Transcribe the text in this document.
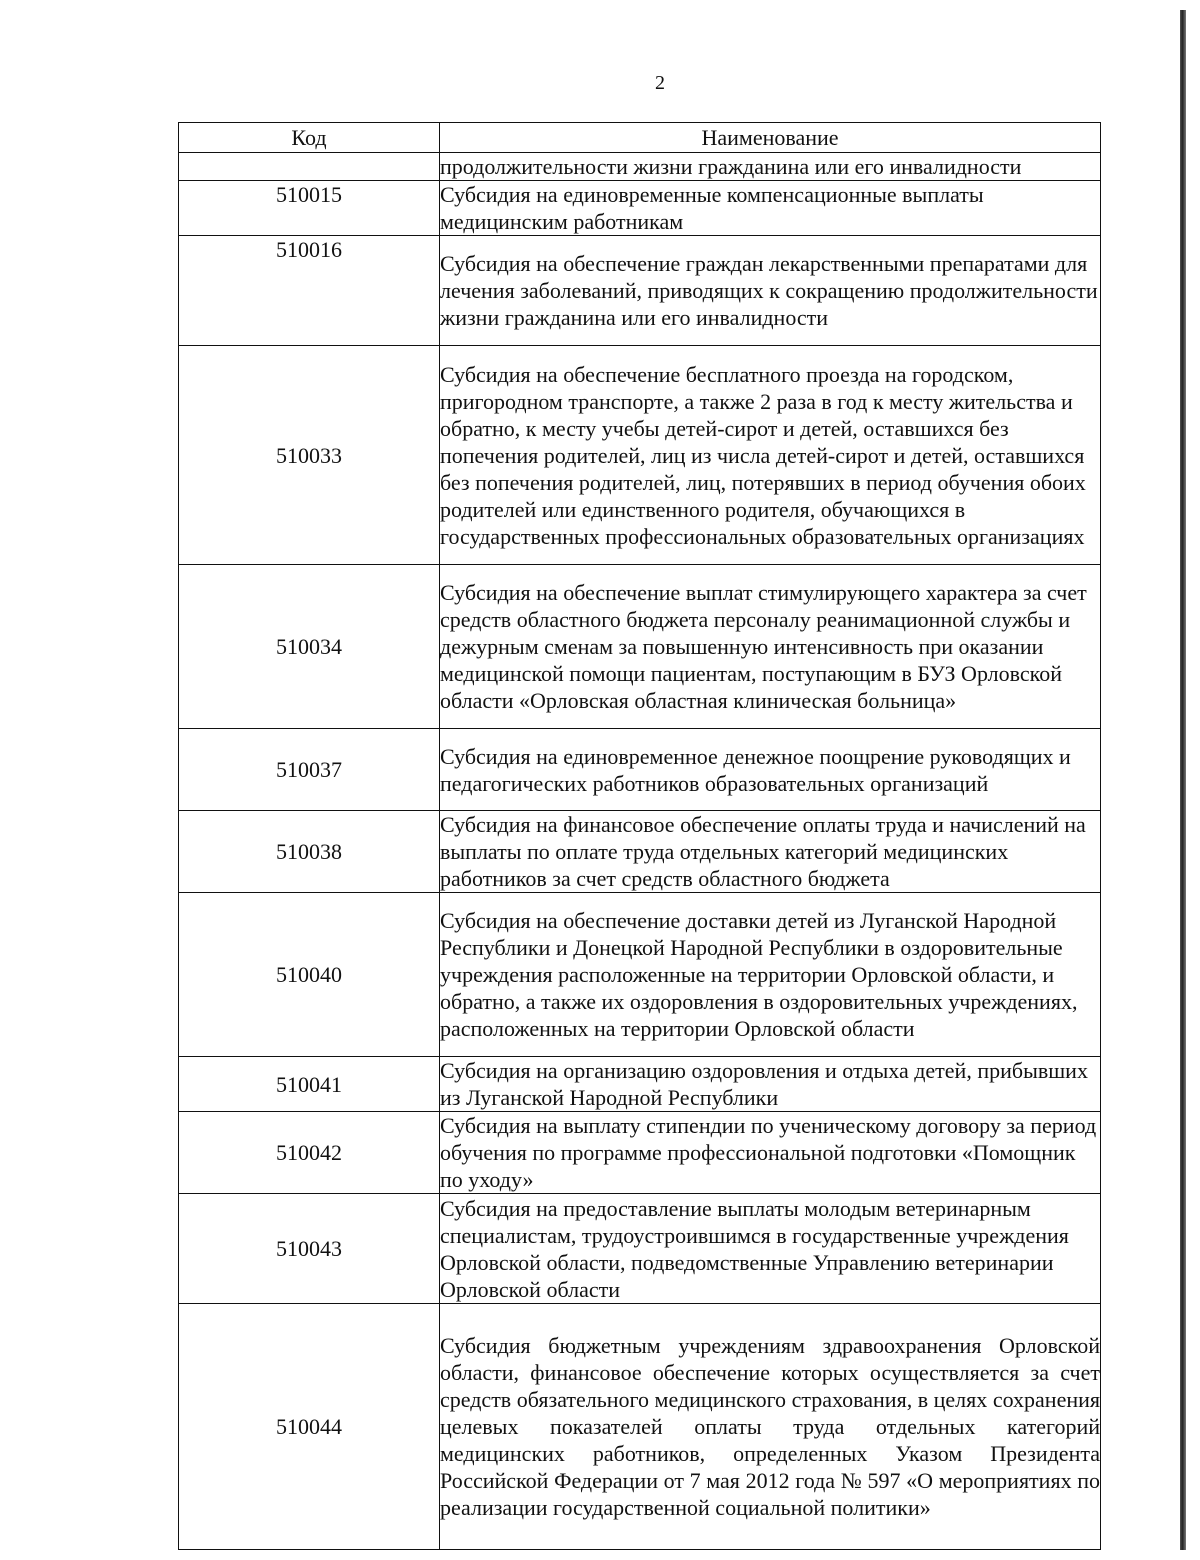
2
Код	Наименование
	продолжительности жизни гражданина или его инвалидности
510015	Субсидия на единовременные компенсационные выплаты медицинским работникам
510016	Субсидия на обеспечение граждан лекарственными препаратами для лечения заболеваний, приводящих к сокращению продолжительности жизни гражданина или его инвалидности
510033	Субсидия на обеспечение бесплатного проезда на городском, пригородном транспорте, а также 2 раза в год к месту жительства и обратно, к месту учебы детей-сирот и детей, оставшихся без попечения родителей, лиц из числа детей-сирот и детей, оставшихся без попечения родителей, лиц, потерявших в период обучения обоих родителей или единственного родителя, обучающихся в государственных профессиональных образовательных организациях
510034	Субсидия на обеспечение выплат стимулирующего характера за счет средств областного бюджета персоналу реанимационной службы и дежурным сменам за повышенную интенсивность при оказании медицинской помощи пациентам, поступающим в БУЗ Орловской области «Орловская областная клиническая больница»
510037	Субсидия на единовременное денежное поощрение руководящих и педагогических работников образовательных организаций
510038	Субсидия на финансовое обеспечение оплаты труда и начислений на выплаты по оплате труда отдельных категорий медицинских работников за счет средств областного бюджета
510040	Субсидия на обеспечение доставки детей из Луганской Народной Республики и Донецкой Народной Республики в оздоровительные учреждения расположенные на территории Орловской области, и обратно, а также их оздоровления в оздоровительных учреждениях, расположенных на территории Орловской области
510041	Субсидия на организацию оздоровления и отдыха детей, прибывших из Луганской Народной Республики
510042	Субсидия на выплату стипендии по ученическому договору за период обучения по программе профессиональной подготовки «Помощник по уходу»
510043	Субсидия на предоставление выплаты молодым ветеринарным специалистам, трудоустроившимся в государственные учреждения Орловской области, подведомственные Управлению ветеринарии Орловской области
510044	Субсидия бюджетным учреждениям здравоохранения Орловской области, финансовое обеспечение которых осуществляется за счет средств обязательного медицинского страхования, в целях сохранения целевых показателей оплаты труда отдельных категорий медицинских работников, определенных Указом Президента Российской Федерации от 7 мая 2012 года № 597 «О мероприятиях по реализации государственной социальной политики»
